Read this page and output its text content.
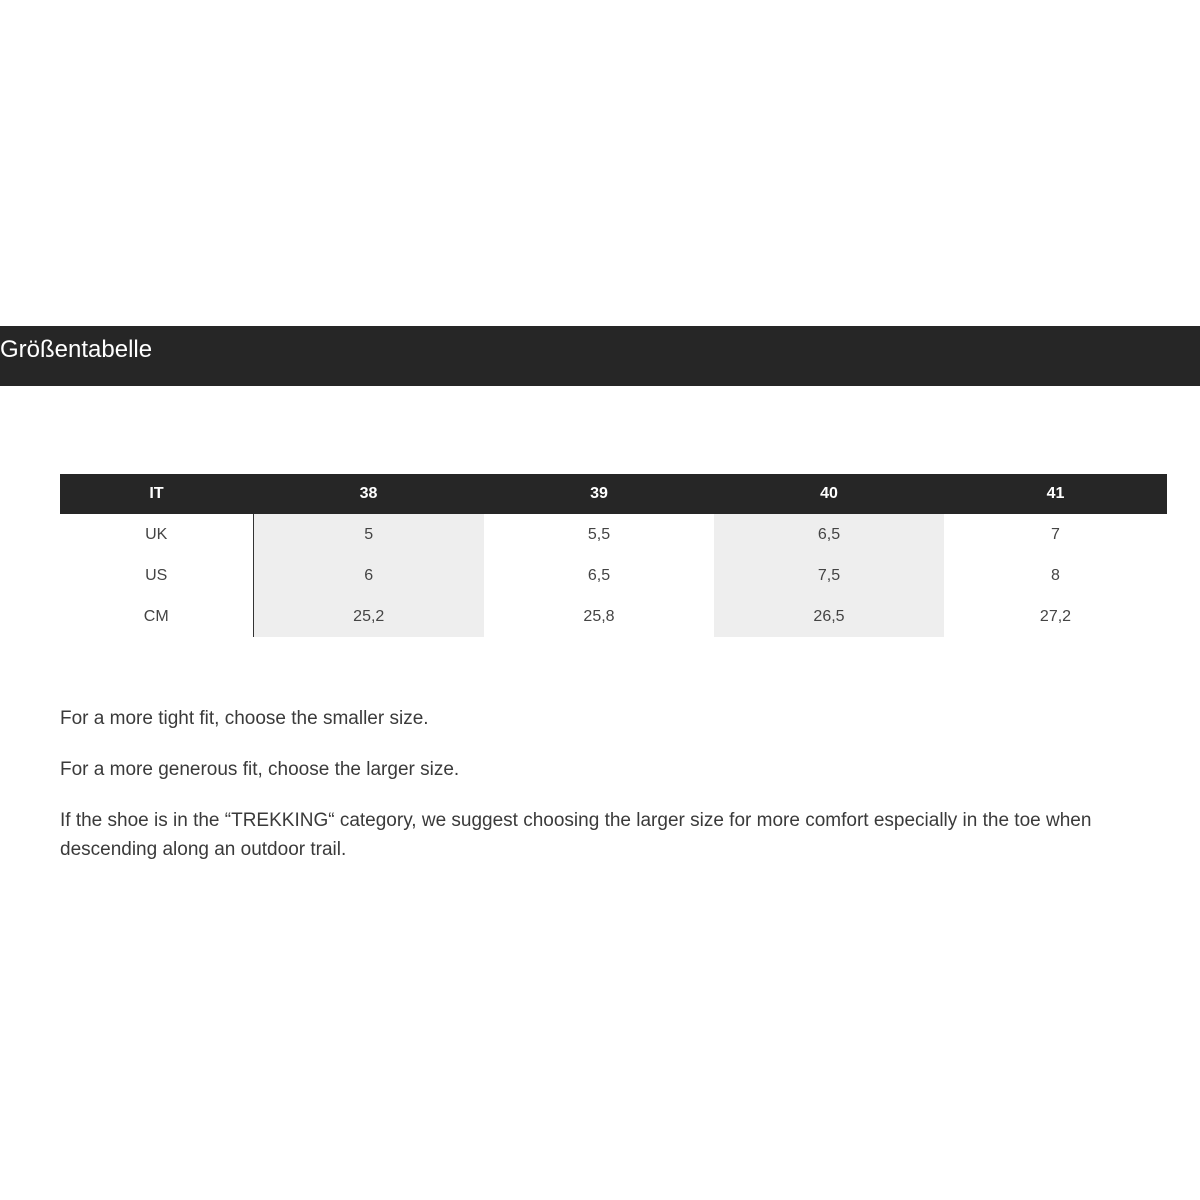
Größentabelle
IT	38	39	40	41
UK	5	5,5	6,5	7
US	6	6,5	7,5	8
CM	25,2	25,8	26,5	27,2

For a more tight fit, choose the smaller size.

For a more generous fit, choose the larger size.

If the shoe is in the “TREKKING“ category, we suggest choosing the larger size for more comfort especially in the toe when descending along an outdoor trail.
